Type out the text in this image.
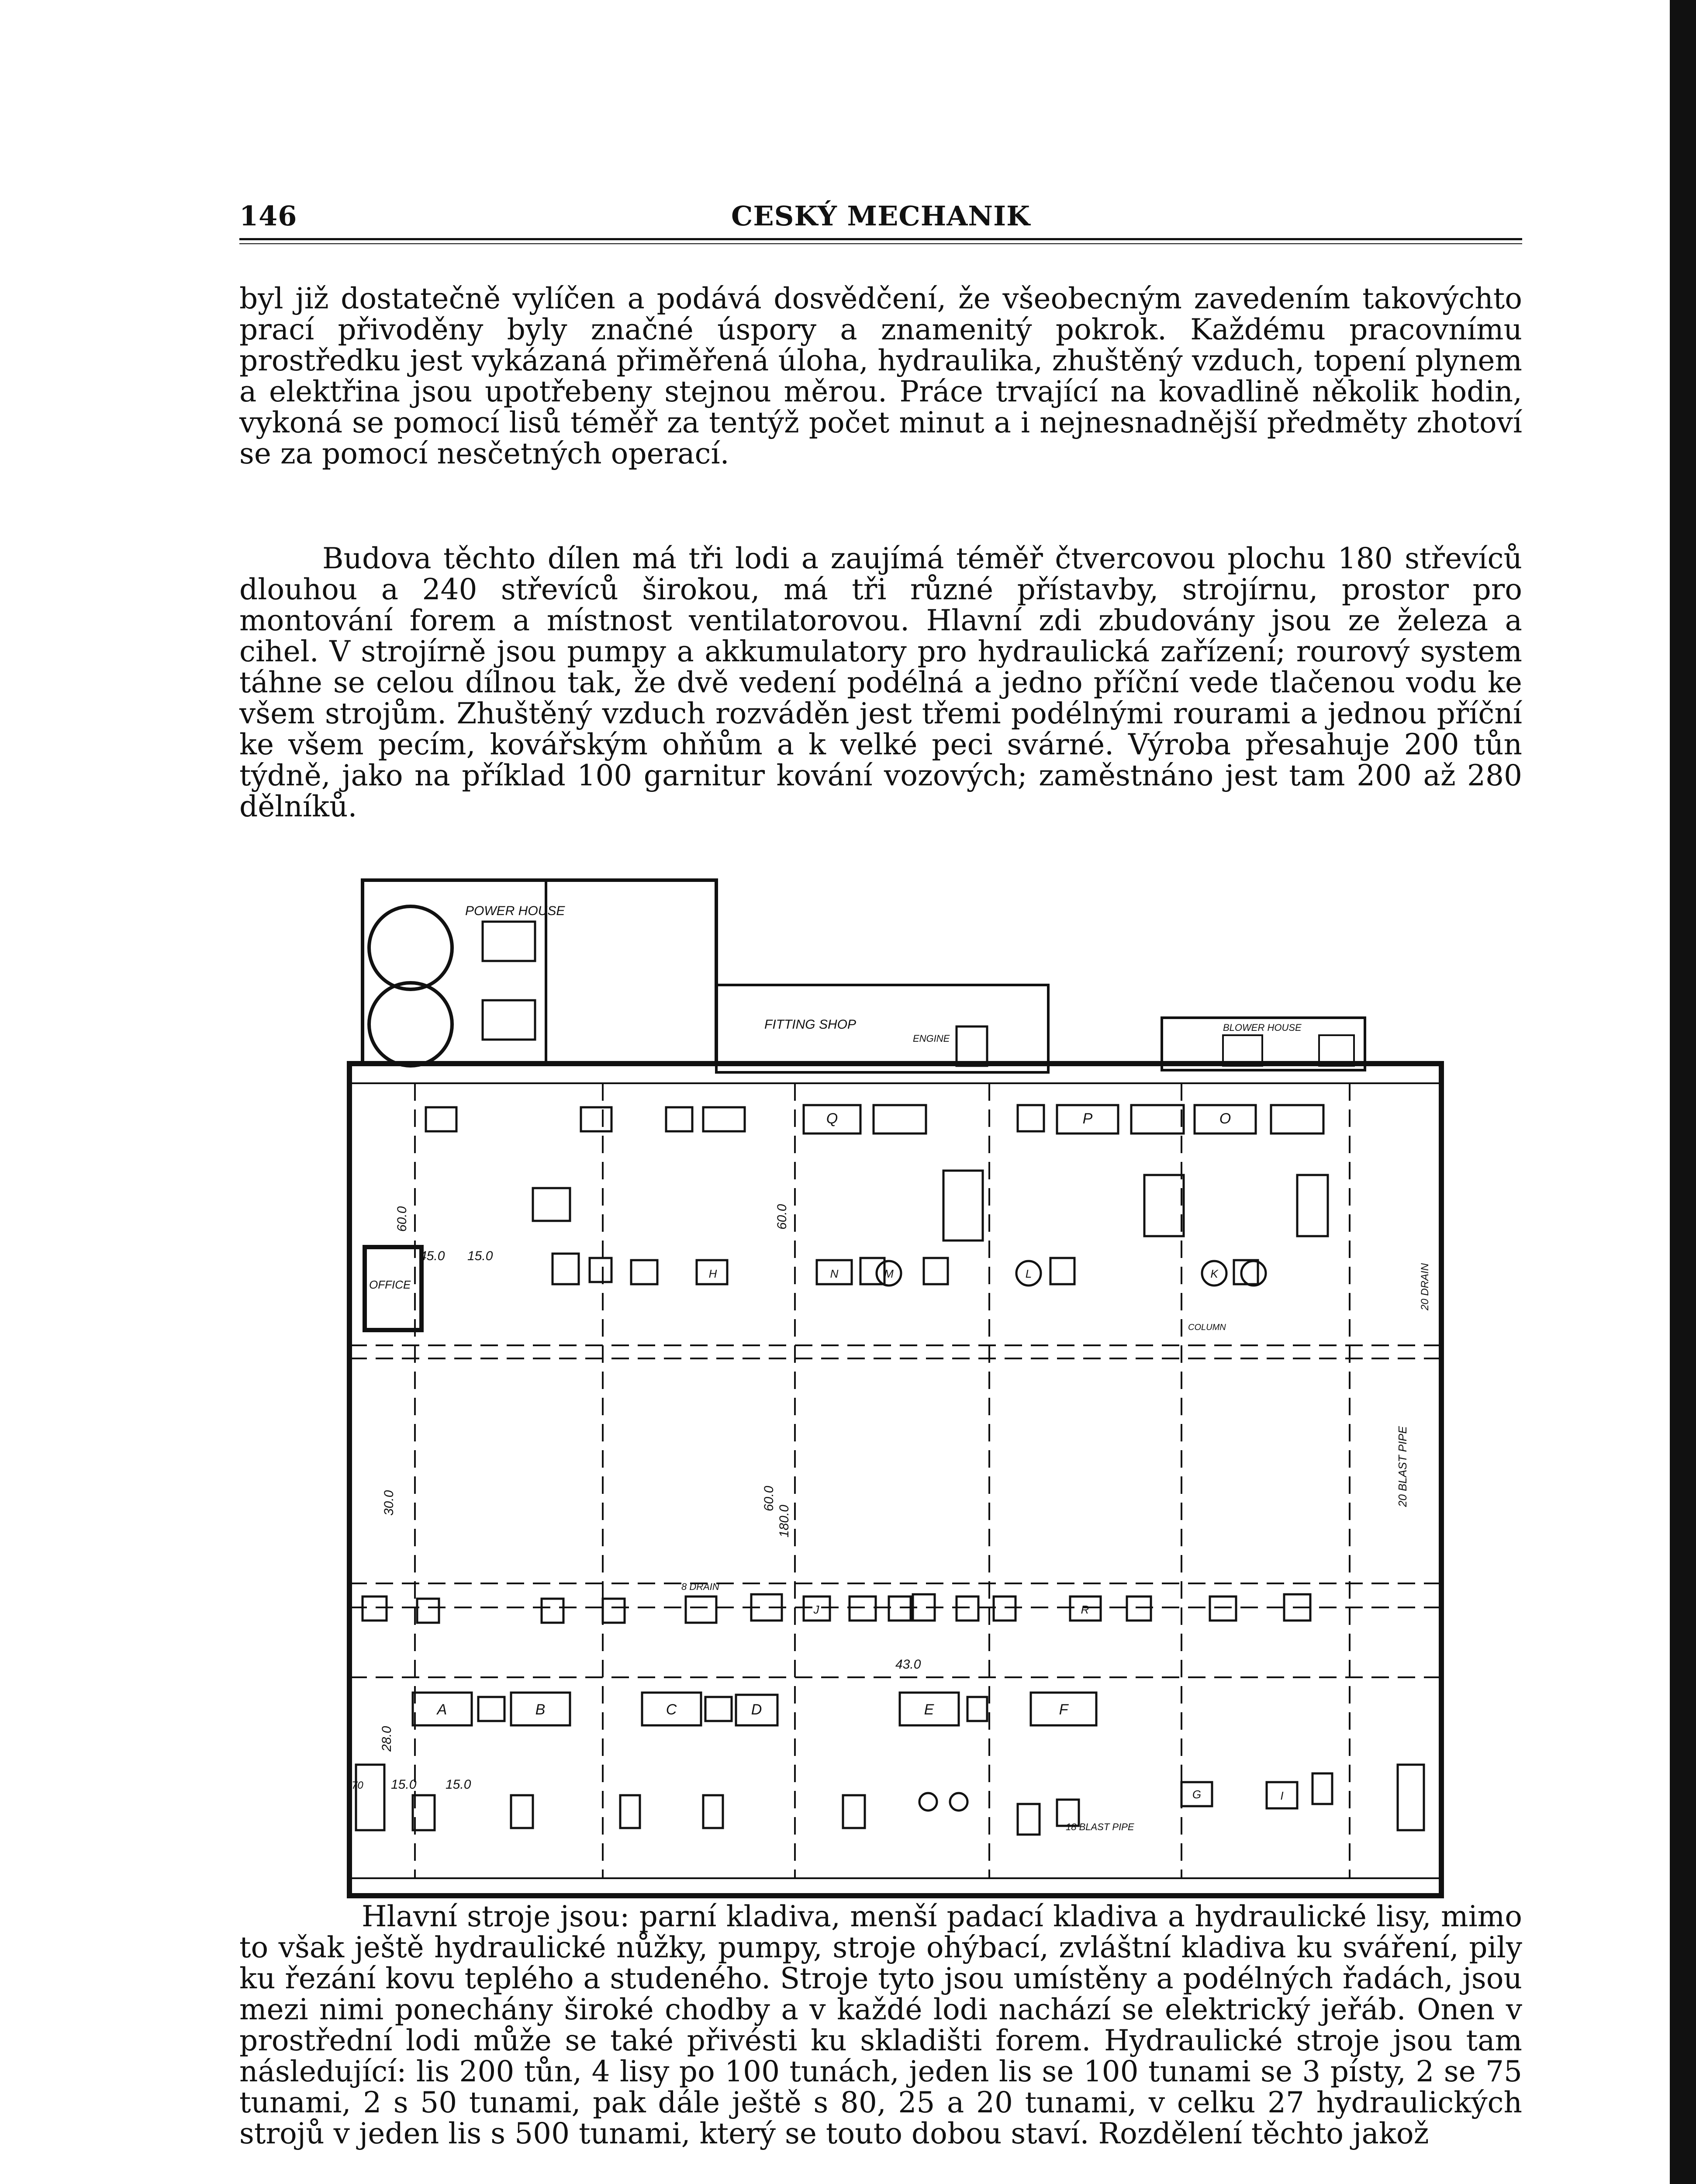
146	CESKÝ MECHANIK

byl již dostatečně vylíčen a podává dosvědčení, že všeobecným zavedením takovýchto prací přivoděny byly značné úspory a znamenitý pokrok. Každému pracovnímu prostředku jest vykázaná přiměřená úloha, hydraulika, zhuštěný vzduch, topení plynem a elektřina jsou upotřebeny stejnou měrou. Práce trvající na kovadlině několik hodin, vykoná se pomocí lisů téměř za tentýž počet minut a i nejnesnadnější předměty zhotoví se za pomocí nesčetných operací.

Budova těchto dílen má tři lodi a zaujímá téměř čtvercovou plochu 180 střevíců dlouhou a 240 střevíců širokou, má tři různé přístavby, strojírnu, prostor pro montování forem a místnost ventilatorovou. Hlavní zdi zbudovány jsou ze železa a cihel. V strojírně jsou pumpy a akkumulatory pro hydraulická zařízení; rourový system táhne se celou dílnou tak, že dvě vedení podélná a jedno příční vede tlačenou vodu ke všem strojům. Zhuštěný vzduch rozváděn jest třemi podélnými rourami a jednou příční ke všem pecím, kovářským ohňům a k velké peci svárné. Výroba přesahuje 200 tůn týdně, jako na příklad 100 garnitur kování vozových; zaměstnáno jest tam 200 až 280 dělníků.

POWER HOUSE
FITTING SHOP
ENGINE
BLOWER HOUSE
OFFICE
20 BLAST PIPE
18 BLAST PIPE
20 DRAIN
8 DRAIN
COLUMN
60.0	60.0
60.0
180.0
45.0 15.0
15.0 15.0
30.0
28.0
43.0
70
A	B	C	D	E	F
O
P
Q
M
N	K
L
H
J	R
G	I

Hlavní stroje jsou: parní kladiva, menší padací kladiva a hydraulické lisy, mimo to však ještě hydraulické nůžky, pumpy, stroje ohýbací, zvláštní kladiva ku sváření, pily ku řezání kovu teplého a studeného. Stroje tyto jsou umístěny a podélných řadách, jsou mezi nimi ponechány široké chodby a v každé lodi nachází se elektrický jeřáb. Onen v prostřední lodi může se také přivésti ku skladišti forem. Hydraulické stroje jsou tam následující: lis 200 tůn, 4 lisy po 100 tunách, jeden lis se 100 tunami se 3 písty, 2 se 75 tunami, 2 s 50 tunami, pak dále ještě s 80, 25 a 20 tunami, v celku 27 hydraulických strojů v jeden lis s 500 tunami, který se touto dobou staví. Rozdělení těchto jakož
